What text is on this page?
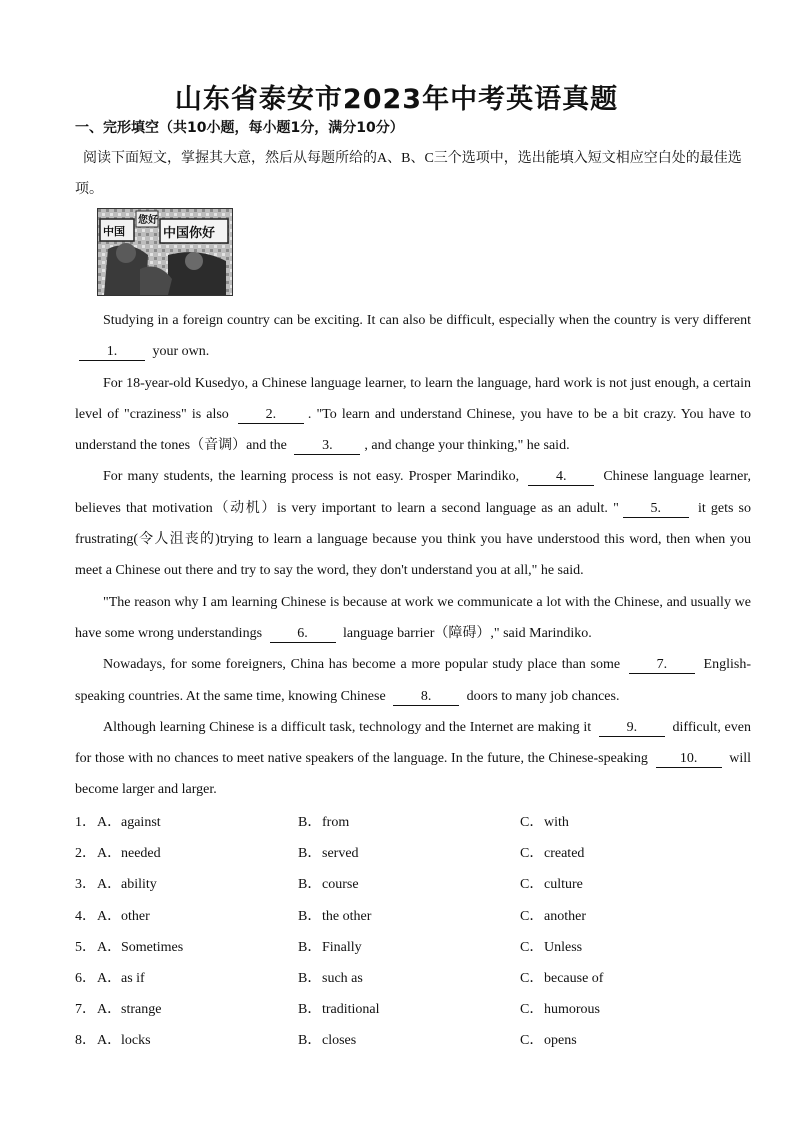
山东省泰安市2023年中考英语真题
一、完形填空（共10小题，每小题1分，满分10分）
阅读下面短文，掌握其大意，然后从每题所给的A、B、C三个选项中，选出能填入短文相应空白处的最佳选项。
中国
您好
中国你好

Studying in a foreign country can be exciting. It can also be difficult, especially when the country is very different 1. your own.

For 18-year-old Kusedyo, a Chinese language learner, to learn the language, hard work is not just enough, a certain level of "craziness" is also 2. . "To learn and understand Chinese, you have to be a bit crazy. You have to understand the tones（音调）and the 3. , and change your thinking," he said.

For many students, the learning process is not easy. Prosper Marindiko, 4. Chinese language learner, believes that motivation（动机）is very important to learn a second language as an adult. " 5. it gets so frustrating(令人沮丧的)trying to learn a language because you think you have understood this word, then when you meet a Chinese out there and try to say the word, they don't understand you at all," he said.

"The reason why I am learning Chinese is because at work we communicate a lot with the Chinese, and usually we have some wrong understandings 6. language barrier（障碍）," said Marindiko.

Nowadays, for some foreigners, China has become a more popular study place than some 7. English-speaking countries. At the same time, knowing Chinese 8. doors to many job chances.

Although learning Chinese is a difficult task, technology and the Internet are making it 9. difficult, even for those with no chances to meet native speakers of the language. In the future, the Chinese-speaking 10. will become larger and larger.

1． A．against	B．from	C．with
2． A．needed	B．served	C．created
3． A．ability	B．course	C．culture
4． A．other	B．the other	C．another
5． A．Sometimes	B．Finally	C．Unless
6． A．as if	B．such as	C．because of
7． A．strange	B．traditional	C．humorous
8． A．locks	B．closes	C．opens
